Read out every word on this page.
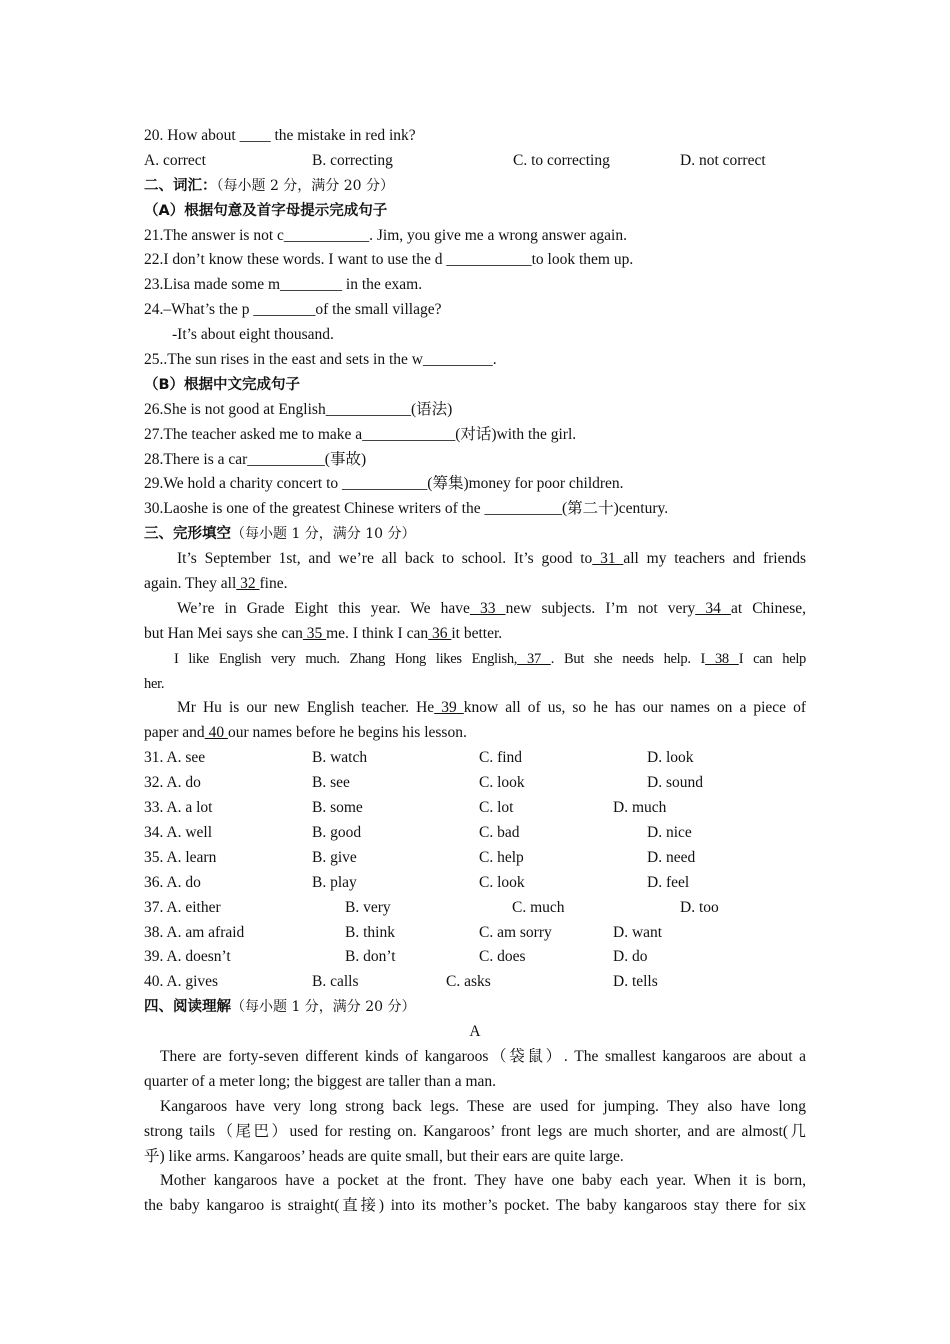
20. How about ____ the mistake in red ink?
A. correct	B. correcting	C. to correcting	D. not correct
二、词汇：（每小题 2 分，满分 20 分）
（A）根据句意及首字母提示完成句子
21.The answer is not c___________. Jim, you give me a wrong answer again.
22.I don’t know these words. I want to use the d ___________to look them up.
23.Lisa made some m________ in the exam.
24.–What’s the p ________of the small village?
-It’s about eight thousand.
25..The sun rises in the east and sets in the w_________.
（B）根据中文完成句子
26.She is not good at English___________(语法)
27.The teacher asked me to make a____________(对话)with the girl.
28.There is a car__________(事故)
29.We hold a charity concert to ___________(筹集)money for poor children.
30.Laoshe is one of the greatest Chinese writers of the __________(第二十)century.
三、完形填空（每小题 1 分，满分 10 分）
It’s September 1st, and we’re all back to school. It’s good to 31 all my teachers and friends
again. They all 32 fine.
We’re in Grade Eight this year. We have 33 new subjects. I’m not very 34 at Chinese,
but Han Mei says she can 35 me. I think I can 36 it better.
I like English very much. Zhang Hong likes English, 37 . But she needs help. I 38 I can help
her.
Mr Hu is our new English teacher. He 39 know all of us, so he has our names on a piece of
paper and 40 our names before he begins his lesson.
31. A. see	B. watch	C. find	D. look
32. A. do	B. see	C. look	D. sound
33. A. a lot	B. some	C. lot	D. much
34. A. well	B. good	C. bad	D. nice
35. A. learn	B. give	C. help	D. need
36. A. do	B. play	C. look	D. feel
37. A. either	B. very	C. much	D. too
38. A. am afraid	B. think	C. am sorry	D. want
39. A. doesn’t	B. don’t	C. does	D. do
40. A. gives	B. calls	C. asks	D. tells
四、阅读理解（每小题 1 分，满分 20 分）
A
There are forty-seven different kinds of kangaroos（袋鼠）. The smallest kangaroos are about a
quarter of a meter long; the biggest are taller than a man.
Kangaroos have very long strong back legs. These are used for jumping. They also have long
strong tails（尾巴）used for resting on. Kangaroos’ front legs are much shorter, and are almost(几
乎) like arms. Kangaroos’ heads are quite small, but their ears are quite large.
Mother kangaroos have a pocket at the front. They have one baby each year. When it is born,
the baby kangaroo is straight(直接) into its mother’s pocket. The baby kangaroos stay there for six
